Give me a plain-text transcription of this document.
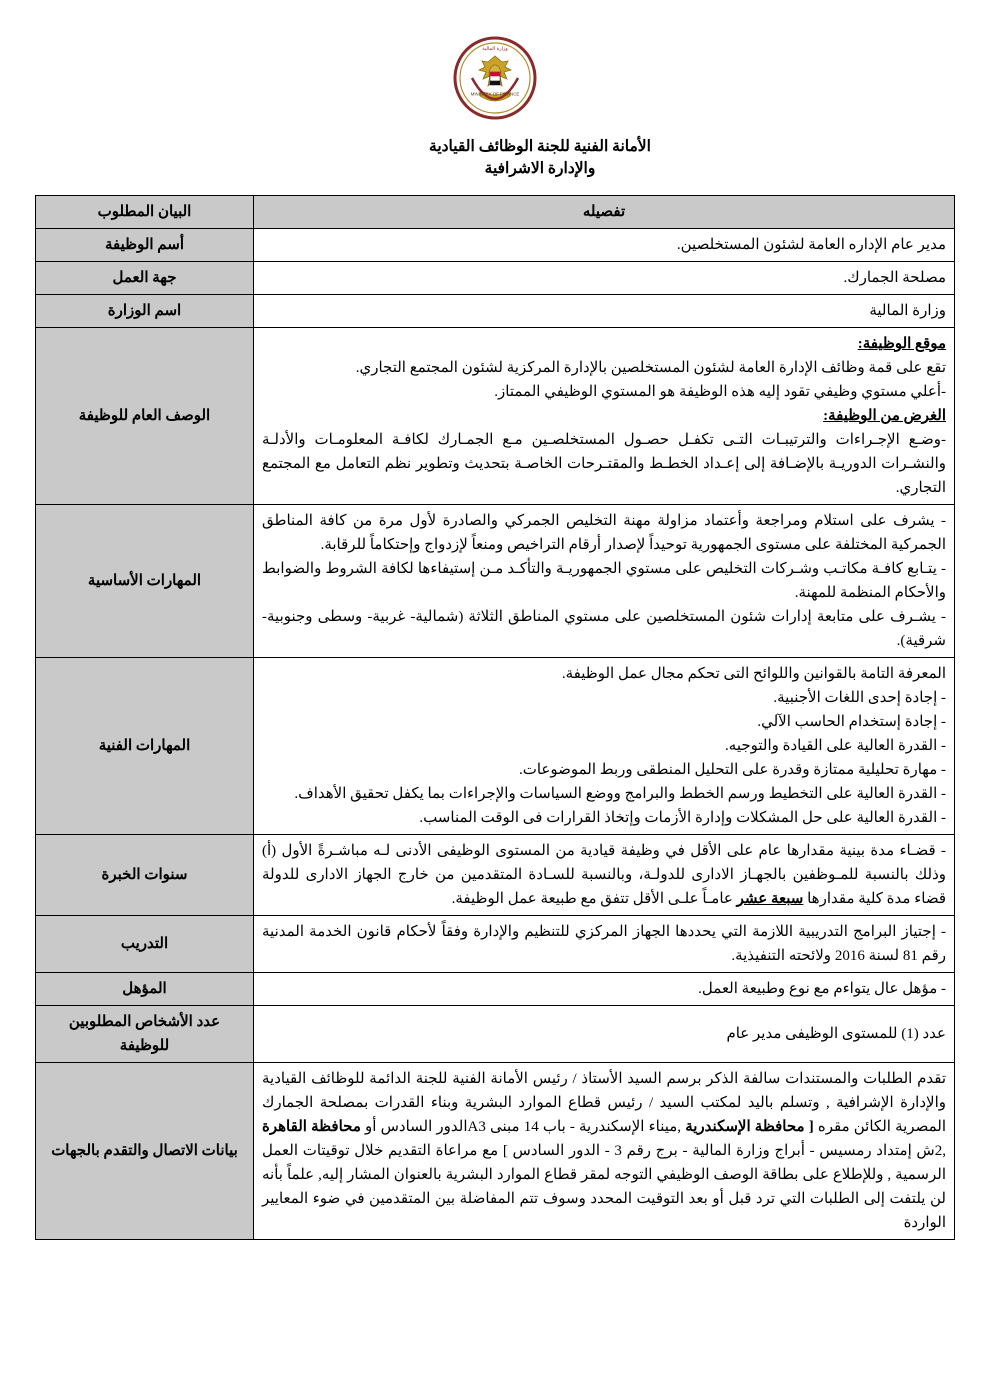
وزارة المالية
MINISTRY OF FINANCE
الأمانة الفنية للجنة الوظائف القيادية
والإدارة الاشرافية
تفصيله	البيان المطلوب

مدير عام الإداره العامة لشئون المستخلصين.	أسم الوظيفة

مصلحة الجمارك.	جهة العمل

وزارة المالية	اسم الوزارة

موقع الوظيفة:

تقع على قمة وظائف الإدارة العامة لشئون المستخلصين بالإدارة المركزية لشئون المجتمع التجاري.

-أعلي مستوي وظيفي تقود إليه هذه الوظيفة هو المستوي الوظيفي الممتاز.

الغرض من الوظيفة:

-وضـع الإجـراءات والترتيبـات التـى تكفـل حصـول المستخلصـين مـع الجمـارك لكافـة المعلومـات والأدلـة والنشـرات الدوريـة بالإضـافة إلى إعـداد الخطـط والمقتـرحات الخاصـة بتحديث وتطوير نظم التعامل مع المجتمع التجاري.	الوصف العام للوظيفة

- يشرف على استلام ومراجعة وأعتماد مزاولة مهنة التخليص الجمركي والصادرة لأول مرة من كافة المناطق الجمركية المختلفة على مستوى الجمهورية توحيداً لإصدار أرقام التراخيص ومنعاً لإزدواج وإحتكاماً للرقابة.

- يتـابع كافـة مكاتـب وشـركات التخليص على مستوي الجمهوريـة والتأكـد مـن إستيفاءها لكافة الشروط والضوابط والأحكام المنظمة للمهنة.

- يشـرف على متابعة إدارات شئون المستخلصين على مستوي المناطق الثلاثة (شمالية- غربية- وسطى وجنوبية- شرقية).	المهارات الأساسية

المعرفة التامة بالقوانين واللوائح التى تحكم مجال عمل الوظيفة.

- إجادة إحدى اللغات الأجنبية.

- إجادة إستخدام الحاسب الآلي.

- القدرة العالية على القيادة والتوجيه.

- مهارة تحليلية ممتازة وقدرة على التحليل المنطقى وربط الموضوعات.

- القدرة العالية على التخطيط ورسم الخطط والبرامج ووضع السياسات والإجراءات بما يكفل تحقيق الأهداف.

- القدرة العالية على حل المشكلات وإدارة الأزمات وإتخاذ القرارات فى الوقت المناسب.

	المهارات الفنية

- قضـاء مدة بينية مقدارها عام على الأقل في وظيفة قيادية من المستوى الوظيفى الأدنى لـه مباشـرةً الأول (أ) وذلك بالنسبة للمـوظفين بالجهـاز الادارى للدولـة، وبالنسبة للسـادة المتقدمين من خارج الجهاز الادارى للدولة قضاء مدة كلية مقدارها سبعة عشر عامـاً علـى الأقل تتفق مع طبيعة عمل الوظيفة.	سنوات الخبرة

- إجتياز البرامج التدريبية اللازمة التي يحددها الجهاز المركزي للتنظيم والإدارة وفقاً لأحكام قانون الخدمة المدنية رقم 81 لسنة 2016 ولائحته التنفيذية.	التدريب

- مؤهل عال يتواءم مع نوع وطبيعة العمل.	المؤهل

عدد (1) للمستوى الوظيفى مدير عام	عدد الأشخاص المطلوبين للوظيفة

تقدم الطلبات والمستندات سالفة الذكر برسم السيد الأستاذ / رئيس الأمانة الفنية للجنة الدائمة للوظائف القيادية والإدارة الإشرافية , وتسلم باليد لمكتب السيد / رئيس قطاع الموارد البشرية وبناء القدرات بمصلحة الجمارك المصرية الكائن مقره [ محافظة الإسكندرية ,ميناء الإسكندرية - باب 14 مبنى A3الدور السادس أو محافظة القاهرة ,2ش إمتداد رمسيس - أبراج وزارة المالية - برج رقم 3 - الدور السادس ] مع مراعاة التقديم خلال توقيتات العمل الرسمية , وللإطلاع على بطاقة الوصف الوظيفي التوجه لمقر قطاع الموارد البشرية بالعنوان المشار إليه, علماً بأنه لن يلتفت إلى الطلبات التي ترد قبل أو بعد التوقيت المحدد وسوف تتم المفاضلة بين المتقدمين في ضوء المعايير الواردة	بيانات الاتصال والتقدم بالجهات
